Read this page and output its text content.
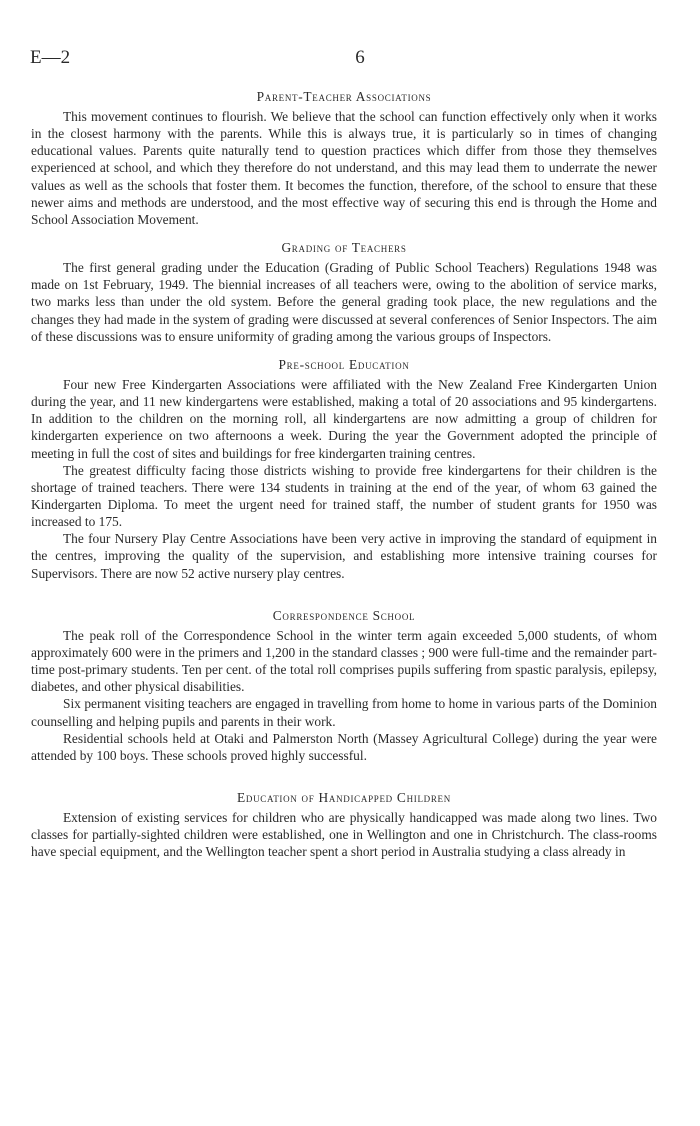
E—2	6
Parent-Teacher Associations

This movement continues to flourish. We believe that the school can function effectively only when it works in the closest harmony with the parents. While this is always true, it is particularly so in times of changing educational values. Parents quite naturally tend to question practices which differ from those they themselves experienced at school, and which they therefore do not understand, and this may lead them to underrate the newer values as well as the schools that foster them. It becomes the function, therefore, of the school to ensure that these newer aims and methods are understood, and the most effective way of securing this end is through the Home and School Association Movement.

Grading of Teachers

The first general grading under the Education (Grading of Public School Teachers) Regulations 1948 was made on 1st February, 1949. The biennial increases of all teachers were, owing to the abolition of service marks, two marks less than under the old system. Before the general grading took place, the new regulations and the changes they had made in the system of grading were discussed at several conferences of Senior Inspectors. The aim of these discussions was to ensure uniformity of grading among the various groups of Inspectors.

Pre-school Education

Four new Free Kindergarten Associations were affiliated with the New Zealand Free Kindergarten Union during the year, and 11 new kindergartens were established, making a total of 20 associations and 95 kindergartens. In addition to the children on the morning roll, all kindergartens are now admitting a group of children for kindergarten experience on two afternoons a week. During the year the Government adopted the principle of meeting in full the cost of sites and buildings for free kindergarten training centres.

The greatest difficulty facing those districts wishing to provide free kindergartens for their children is the shortage of trained teachers. There were 134 students in training at the end of the year, of whom 63 gained the Kindergarten Diploma. To meet the urgent need for trained staff, the number of student grants for 1950 was increased to 175.

The four Nursery Play Centre Associations have been very active in improving the standard of equipment in the centres, improving the quality of the supervision, and establishing more intensive training courses for Supervisors. There are now 52 active nursery play centres.

Correspondence School

The peak roll of the Correspondence School in the winter term again exceeded 5,000 students, of whom approximately 600 were in the primers and 1,200 in the standard classes ; 900 were full-time and the remainder part-time post-primary students. Ten per cent. of the total roll comprises pupils suffering from spastic paralysis, epilepsy, diabetes, and other physical disabilities.

Six permanent visiting teachers are engaged in travelling from home to home in various parts of the Dominion counselling and helping pupils and parents in their work.

Residential schools held at Otaki and Palmerston North (Massey Agricultural College) during the year were attended by 100 boys. These schools proved highly successful.

Education of Handicapped Children

Extension of existing services for children who are physically handicapped was made along two lines. Two classes for partially-sighted children were established, one in Wellington and one in Christchurch. The class-rooms have special equipment, and the Wellington teacher spent a short period in Australia studying a class already in
